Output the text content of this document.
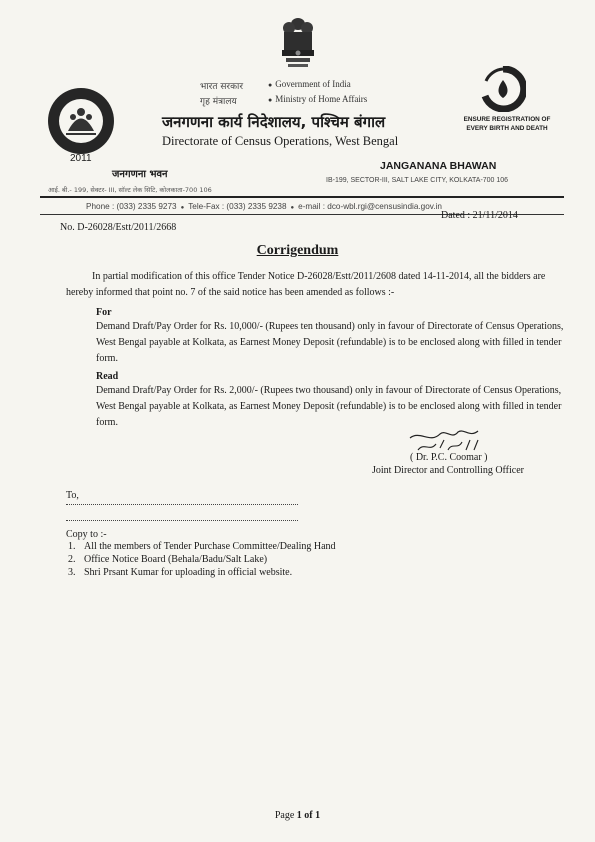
2011
ENSURE REGISTRATION OF EVERY BIRTH AND DEATH
भारत सरकार	● Government of India
गृह मंत्रालय	● Ministry of Home Affairs
जनगणना कार्य निदेशालय, पश्चिम बंगाल
Directorate of Census Operations, West Bengal
जनगणना भवन
JANGANANA BHAWAN
आई. बी.- 199, सेक्टर- III, सॉल्ट लेक सिटि, कोलकाता-700 106
IB-199, SECTOR-III, SALT LAKE CITY, KOLKATA-700 106
Phone : (033) 2335 9273 ● Tele-Fax : (033) 2335 9238 ● e-mail : dco-wbl.rgi@censusindia.gov.in
No. D-26028/Estt/2011/2668
Dated : 21/11/2014
Corrigendum
In partial modification of this office Tender Notice D-26028/Estt/2011/2608 dated 14-11-2014, all the bidders are hereby informed that point no. 7 of the said notice has been amended as follows :-
For
Demand Draft/Pay Order for Rs. 10,000/- (Rupees ten thousand) only in favour of Directorate of Census Operations, West Bengal payable at Kolkata, as Earnest Money Deposit (refundable) is to be enclosed along with filled in tender form.
Read
Demand Draft/Pay Order for Rs. 2,000/- (Rupees two thousand) only in favour of Directorate of Census Operations, West Bengal payable at Kolkata, as Earnest Money Deposit (refundable) is to be enclosed along with filled in tender form.
( Dr. P.C. Coomar )
Joint Director and Controlling Officer
To,
Copy to :-
1. All the members of Tender Purchase Committee/Dealing Hand
2. Office Notice Board (Behala/Badu/Salt Lake)
3. Shri Prsant Kumar for uploading in official website.
Page 1 of 1
